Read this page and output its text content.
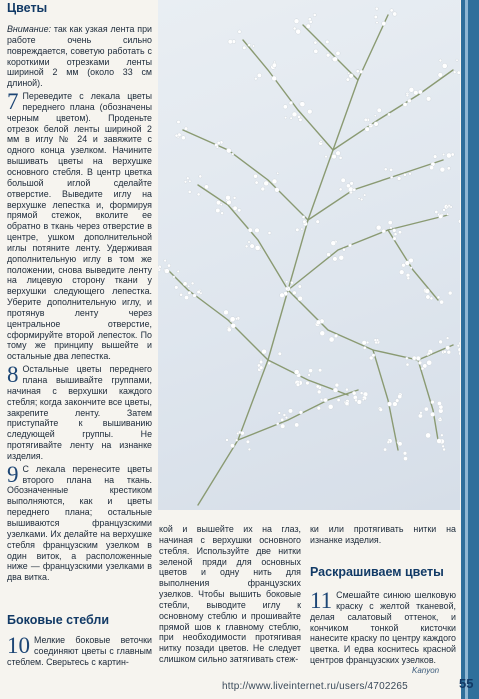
Цветы

Внимание: так как узкая лента при работе очень сильно повреждается, советую работать с короткими отрезками ленты шириной 2 мм (около 33 см длиной).

7 Переведите с лекала цветы переднего плана (обозначены черным цветом). Проденьте отрезок белой ленты шириной 2 мм в иглу № 24 и завяжите с одного конца узелком. Начините вышивать цветы на верхушке основного стебля. В центр цветка большой иглой сделайте отверстие. Выведите иглу на верхушке лепестка и, формируя прямой стежок, вколите ее обратно в ткань через отверстие в центре, ушком дополнительной иглы потяните ленту. Удерживая дополнительную иглу в том же положении, снова выведите ленту на лицевую сторону ткани у верхушки следующего лепестка. Уберите дополнительную иглу, и протянув ленту через центральное отверстие, сформируйте второй лепесток. По тому же принципу вышейте и остальные два лепестка.

8 Остальные цветы переднего плана вышивайте группами, начиная с верхушки каждого стебля; когда закончите все цветы, закрепите ленту. Затем приступайте к вышиванию следующей группы. Не протягивайте ленту на изнанке изделия.

9 С лекала перенесите цветы второго плана на ткань. Обозначенные крестиком выполняются, как и цветы переднего плана; остальные вышиваются французскими узелками. Их делайте на верхушке стебля французским узелком в один виток, а расположенные ниже — французскими узелками в два витка.

Боковые стебли
10 Мелкие боковые веточки соединяют цветы с главным стеблем. Сверьтесь с картин-
кой и вышейте их на глаз, начиная с верхушки основного стебля. Используйте две нитки зеленой пряди для основных цветов и одну нить для выполнения французских узелков. Чтобы вышить боковые стебли, выводите иглу к основному стеблю и прошивайте прямой шов к главному стеблю, при необходимости протягивая нитку позади цветов. Не следует слишком сильно затягивать стеж-
ки или протягивать нитки на изнанке изделия.
Раскрашиваем цветы
11 Смешайте синюю шелковую краску с желтой тканевой, делая салатовый оттенок, и кончиком тонкой кисточки нанесите краску по центру каждого цветка. И едва коснитесь красной центров французских узелков.
Kanyon
http://www.liveinternet.ru/users/4702265	55
